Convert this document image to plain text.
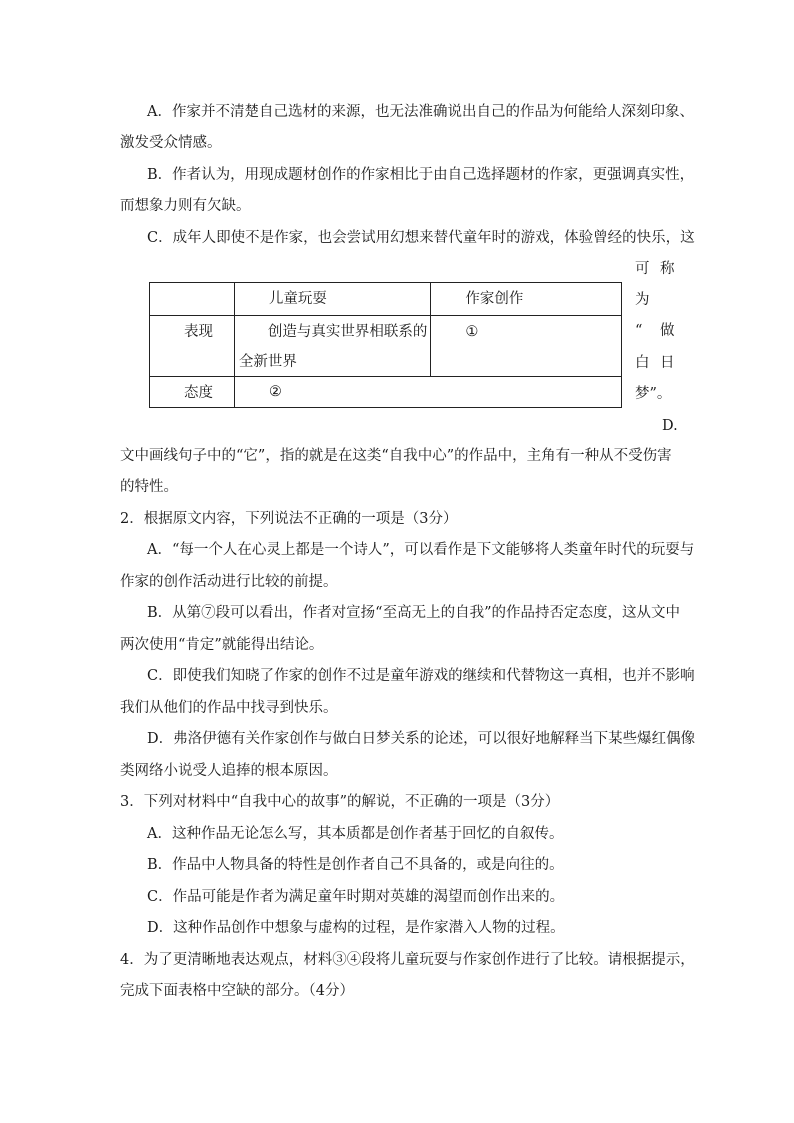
A．作家并不清楚自己选材的来源，也无法准确说出自己的作品为何能给人深刻印象、
激发受众情感。
B．作者认为，用现成题材创作的作家相比于由自己选择题材的作家，更强调真实性，
而想象力则有欠缺。
C．成年人即使不是作家，也会尝试用幻想来替代童年时的游戏，体验曾经的快乐，这
可 称
为
“ 做
白 日
梦”。
D.

	儿童玩耍	作家创作

表现	创造与真实世界相联系的
全新世界	①

态度	②	
文中画线句子中的“它”，指的就是在这类“自我中心”的作品中，主角有一种从不受伤害
的特性。
2．根据原文内容，下列说法不正确的一项是（3分）
A．“每一个人在心灵上都是一个诗人”，可以看作是下文能够将人类童年时代的玩耍与
作家的创作活动进行比较的前提。
B．从第⑦段可以看出，作者对宣扬“至高无上的自我”的作品持否定态度，这从文中
两次使用“肯定”就能得出结论。
C．即使我们知晓了作家的创作不过是童年游戏的继续和代替物这一真相，也并不影响
我们从他们的作品中找寻到快乐。
D．弗洛伊德有关作家创作与做白日梦关系的论述，可以很好地解释当下某些爆红偶像
类网络小说受人追捧的根本原因。
3．下列对材料中“自我中心的故事”的解说，不正确的一项是（3分）
A．这种作品无论怎么写，其本质都是创作者基于回忆的自叙传。
B．作品中人物具备的特性是创作者自己不具备的，或是向往的。
C．作品可能是作者为满足童年时期对英雄的渴望而创作出来的。
D．这种作品创作中想象与虚构的过程，是作家潜入人物的过程。
4．为了更清晰地表达观点，材料③④段将儿童玩耍与作家创作进行了比较。请根据提示，
完成下面表格中空缺的部分。（4分）
